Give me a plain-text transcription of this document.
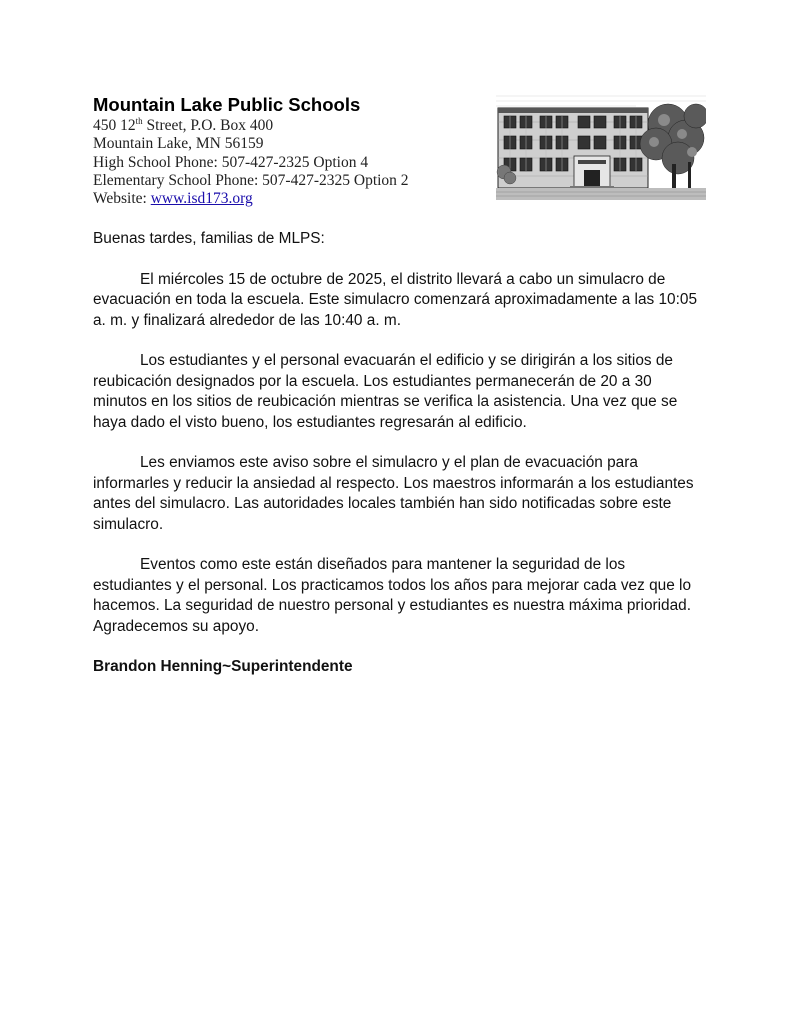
Mountain Lake Public Schools
450 12th Street, P.O. Box 400
Mountain Lake, MN 56159
High School Phone: 507-427-2325 Option 4
Elementary School Phone: 507-427-2325 Option 2
Website: www.isd173.org

Buenas tardes, familias de MLPS:

El miércoles 15 de octubre de 2025, el distrito llevará a cabo un simulacro de evacuación en toda la escuela. Este simulacro comenzará aproximadamente a las 10:05 a. m. y finalizará alrededor de las 10:40 a. m.

Los estudiantes y el personal evacuarán el edificio y se dirigirán a los sitios de reubicación designados por la escuela. Los estudiantes permanecerán de 20 a 30 minutos en los sitios de reubicación mientras se verifica la asistencia. Una vez que se haya dado el visto bueno, los estudiantes regresarán al edificio.

Les enviamos este aviso sobre el simulacro y el plan de evacuación para informarles y reducir la ansiedad al respecto. Los maestros informarán a los estudiantes antes del simulacro. Las autoridades locales también han sido notificadas sobre este simulacro.

Eventos como este están diseñados para mantener la seguridad de los estudiantes y el personal. Los practicamos todos los años para mejorar cada vez que lo hacemos. La seguridad de nuestro personal y estudiantes es nuestra máxima prioridad. Agradecemos su apoyo.

Brandon Henning~Superintendente
